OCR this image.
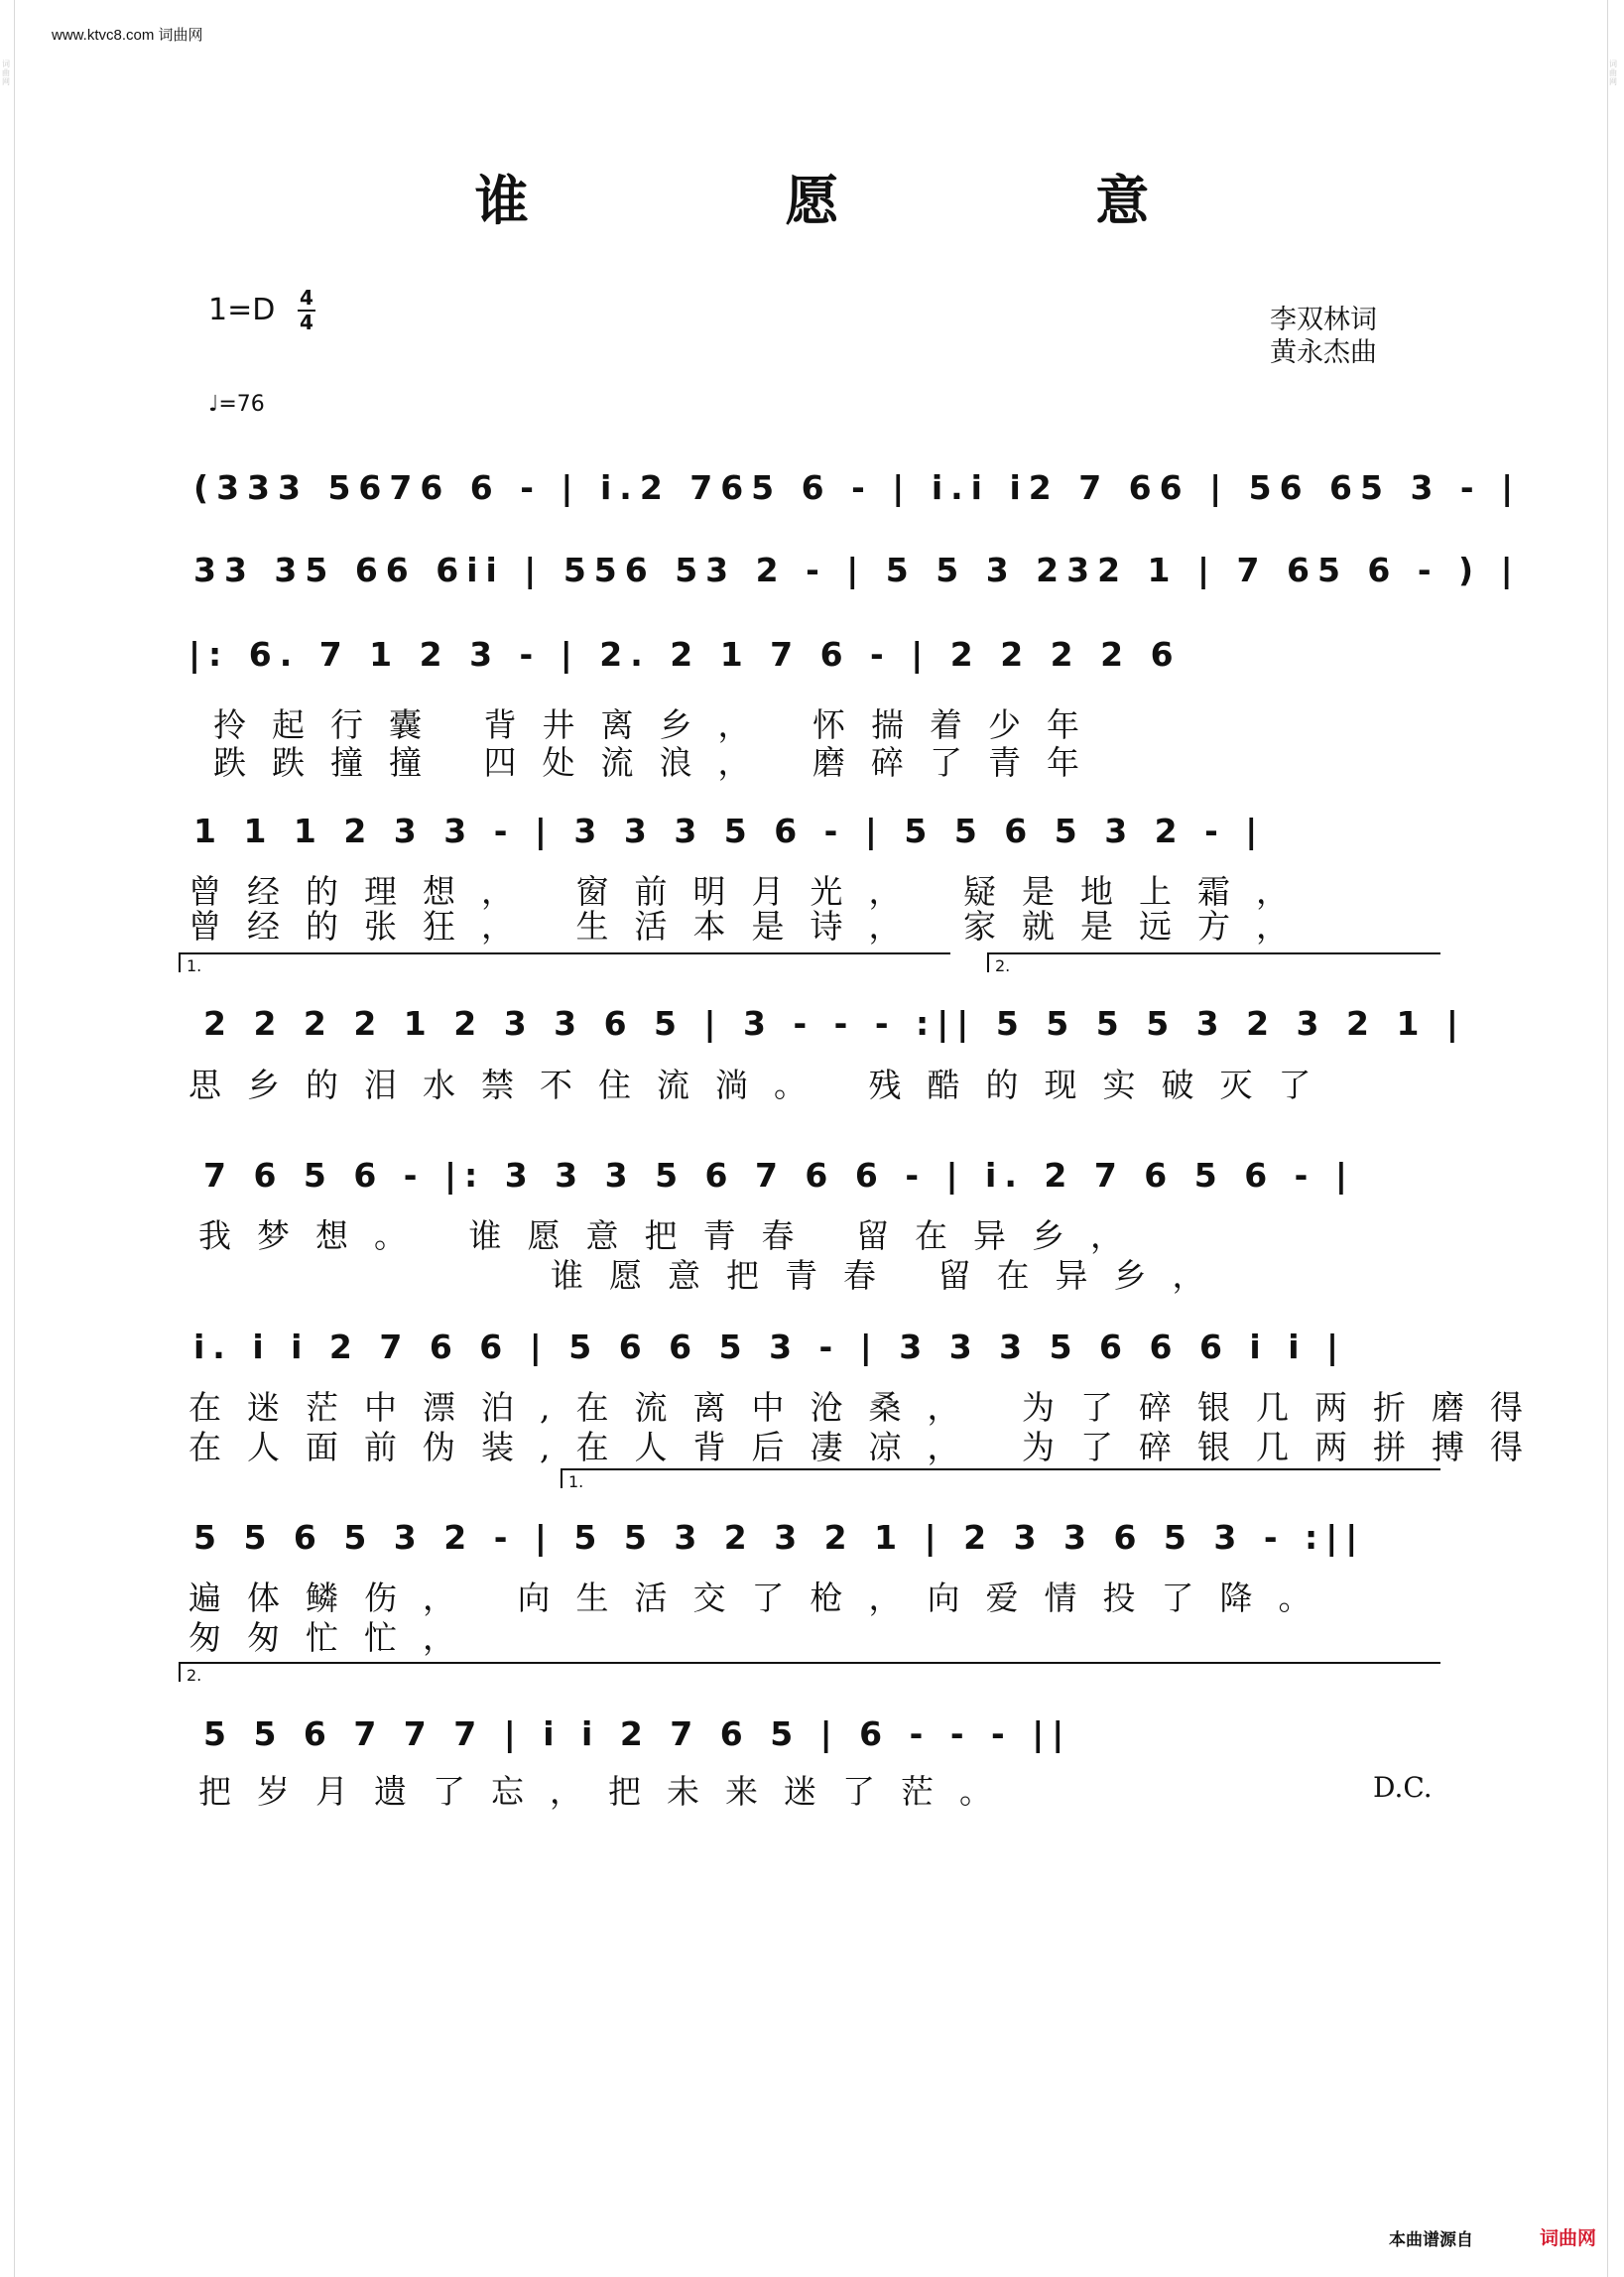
词曲网
词曲网
www.ktvc8.com 词曲网
谁 愿 意
1=D 4
4	李双林词
黄永杰曲
♩=76
(333 5676 6 - | i.2 765 6 - | i.i i2 7 66 | 56 65 3 - |
33 35 66 6ii | 556 53 2 - | 5 5 3 232 1 | 7 65 6 - ) |
|: 6. 7 1 2 3 - | 2. 2 1 7 6 - | 2 2 2 2 6
拎起行囊 背井离乡， 怀揣着少年
跌跌撞撞 四处流浪， 磨碎了青年
1 1 1 2 3 3 - | 3 3 3 5 6 - | 5 5 6 5 3 2 - |
曾经的理想， 窗前明月光， 疑是地上霜，
曾经的张狂， 生活本是诗， 家就是远方，
1.	2.
2 2 2 2 1 2 3 3 6 5 | 3 - - - :|| 5 5 5 5 3 2 3 2 1 |
思乡的泪水禁不住流淌。 残酷的现实破灭了
7 6 5 6 - |: 3 3 3 5 6 7 6 6 - | i. 2 7 6 5 6 - |
我梦想。 谁愿意把青春 留在异乡，
谁愿意把青春 留在异乡，
i. i i 2 7 6 6 | 5 6 6 5 3 - | 3 3 3 5 6 6 6 i i |
在迷茫中漂泊,在流离中沧桑， 为了碎银几两折磨得
在人面前伪装,在人背后凄凉， 为了碎银几两拼搏得
1.
5 5 6 5 3 2 - | 5 5 3 2 3 2 1 | 2 3 3 6 5 3 - :||
遍体鳞伤， 向生活交了枪，向爱情投了降。
匆匆忙忙，
2.
5 5 6 7 7 7 | i i 2 7 6 5 | 6 - - - ||
把岁月遗了忘，把未来迷了茫。	D.C.
本曲谱源自	词曲网
